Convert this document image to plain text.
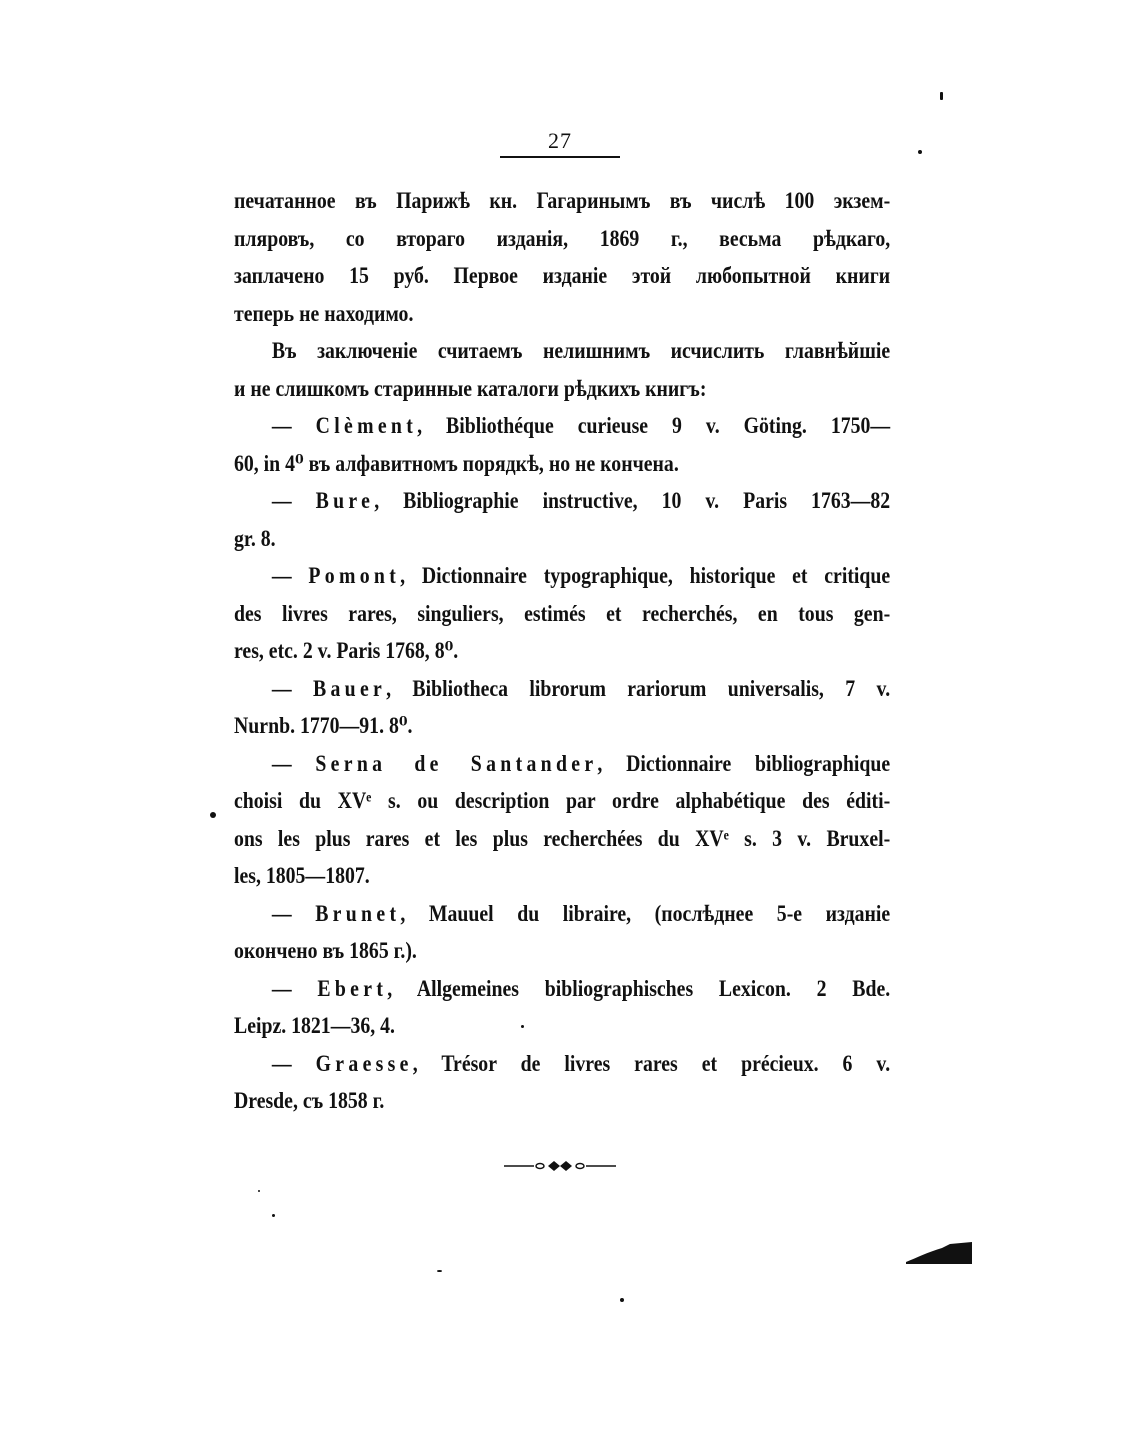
27
печатанное въ Парижѣ кн. Гагаринымъ въ числѣ 100 экзем-
пляровъ, со втораго изданія, 1869 г., весьма рѣдкаго,
заплачено 15 руб. Первое изданіе этой любопытной книги
теперь не находимо.
Въ заключеніе считаемъ нелишнимъ исчислить главнѣйшіе
и не слишкомъ старинные каталоги рѣдкихъ книгъ:
— Clèment, Bibliothéque curieuse 9 v. Göting. 1750—
60, in 4⁰ въ алфавитномъ порядкѣ, но не кончена.
— Bure, Bibliographie instructive, 10 v. Paris 1763—82
gr. 8.
— Pomont, Dictionnaire typographique, historique et critique
des livres rares, singuliers, estimés et recherchés, en tous gen-
res, etc. 2 v. Paris 1768, 8⁰.
— Bauer, Bibliotheca librorum rariorum universalis, 7 v.
Nurnb. 1770—91. 8⁰.
— Serna de Santander, Dictionnaire bibliographique
choisi du XVᵉ s. ou description par ordre alphabétique des éditi-
ons les plus rares et les plus recherchées du XVᵉ s. 3 v. Bruxel-
les, 1805—1807.
— Brunet, Mauuel du libraire, (послѣднее 5-е изданіе
окончено въ 1865 г.).
— Ebert, Allgemeines bibliographisches Lexicon. 2 Bde.
Leipz. 1821—36, 4.
— Graesse, Trésor de livres rares et précieux. 6 v.
Dresde, съ 1858 г.
